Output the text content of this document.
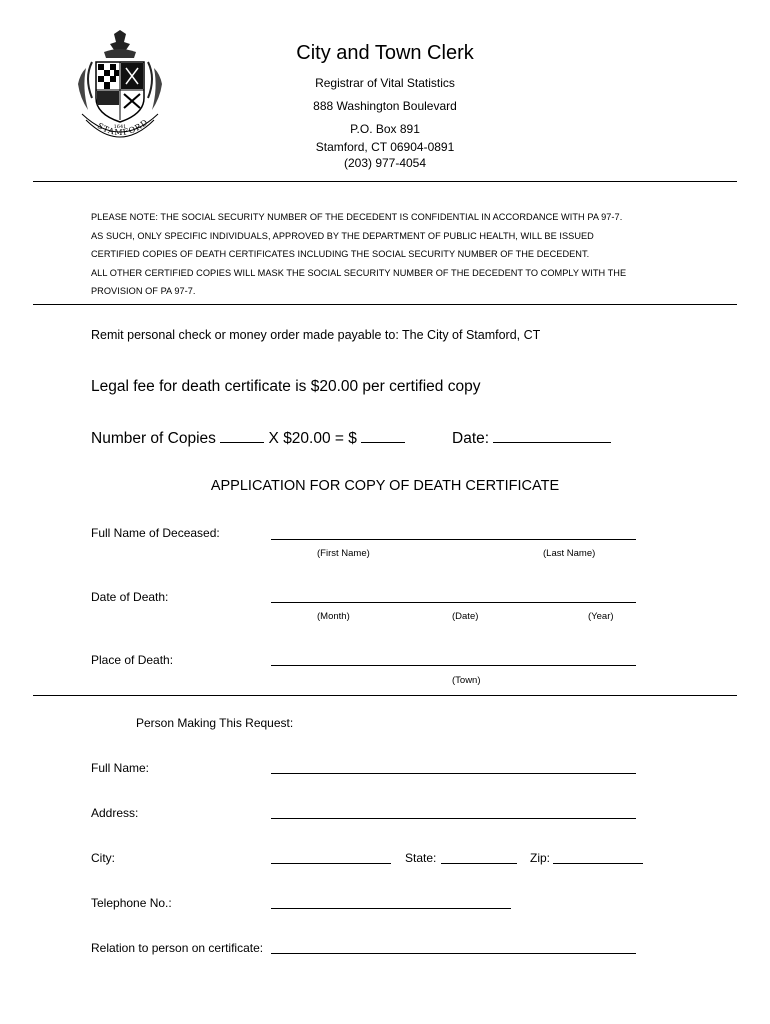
STAMFORD
1641
City and Town Clerk
Registrar of Vital Statistics
888 Washington Boulevard
P.O. Box 891
Stamford, CT 06904-0891
(203) 977-4054
PLEASE NOTE: THE SOCIAL SECURITY NUMBER OF THE DECEDENT IS CONFIDENTIAL IN ACCORDANCE WITH PA 97-7.
AS SUCH, ONLY SPECIFIC INDIVIDUALS, APPROVED BY THE DEPARTMENT OF PUBLIC HEALTH, WILL BE ISSUED
CERTIFIED COPIES OF DEATH CERTIFICATES INCLUDING THE SOCIAL SECURITY NUMBER OF THE DECEDENT.
ALL OTHER CERTIFIED COPIES WILL MASK THE SOCIAL SECURITY NUMBER OF THE DECEDENT TO COMPLY WITH THE
PROVISION OF PA 97-7.
Remit personal check or money order made payable to: The City of Stamford, CT
Legal fee for death certificate is $20.00 per certified copy
Number of Copies	X $20.00 = $	Date:
APPLICATION FOR COPY OF DEATH CERTIFICATE
Full Name of Deceased:
(First Name)	(Last Name)
Date of Death:
(Month)	(Date)	(Year)
Place of Death:
(Town)
Person Making This Request:
Full Name:
Address:
City:	State:	Zip:
Telephone No.:
Relation to person on certificate:
